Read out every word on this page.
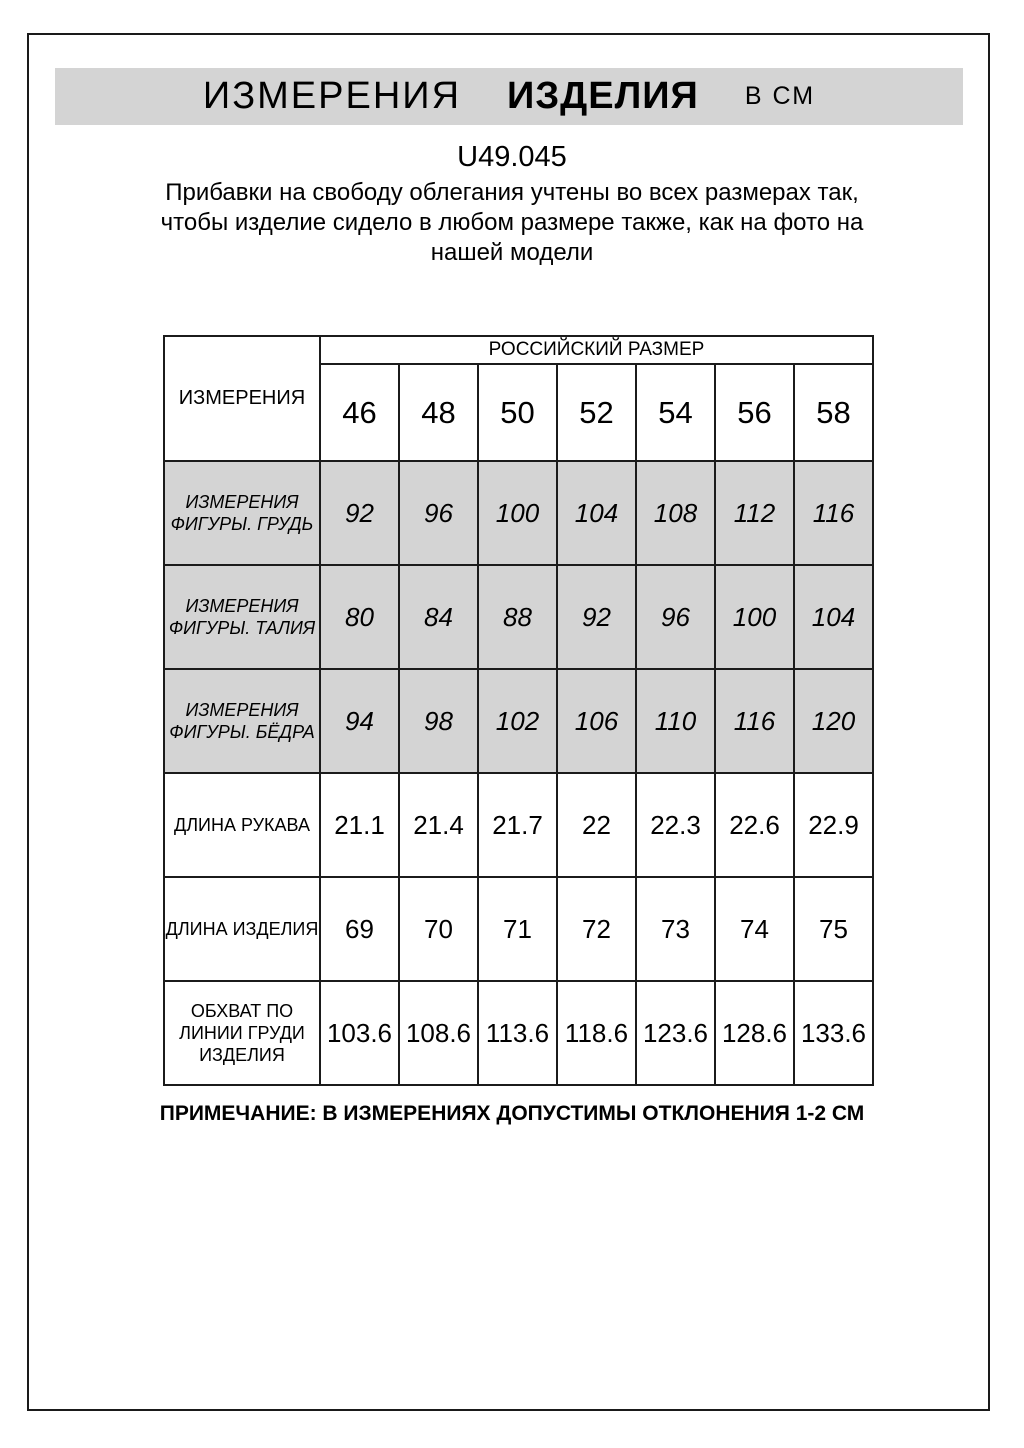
ИЗМЕРЕНИЯ ИЗДЕЛИЯ В СМ
U49.045
Прибавки на свободу облегания учтены во всех размерах так, чтобы изделие сидело в любом размере также, как на фото на нашей модели
ИЗМЕРЕНИЯ	РОССИЙСКИЙ РАЗМЕР						
	46	48	50	52	54	56	58
ИЗМЕРЕНИЯ ФИГУРЫ. ГРУДЬ	92	96	100	104	108	112	116
ИЗМЕРЕНИЯ ФИГУРЫ. ТАЛИЯ	80	84	88	92	96	100	104
ИЗМЕРЕНИЯ ФИГУРЫ. БЁДРА	94	98	102	106	110	116	120
ДЛИНА РУКАВА	21.1	21.4	21.7	22	22.3	22.6	22.9
ДЛИНА ИЗДЕЛИЯ	69	70	71	72	73	74	75
ОБХВАТ ПО ЛИНИИ ГРУДИ ИЗДЕЛИЯ	103.6	108.6	113.6	118.6	123.6	128.6	133.6
ПРИМЕЧАНИЕ: В ИЗМЕРЕНИЯХ ДОПУСТИМЫ ОТКЛОНЕНИЯ 1-2 СМ
